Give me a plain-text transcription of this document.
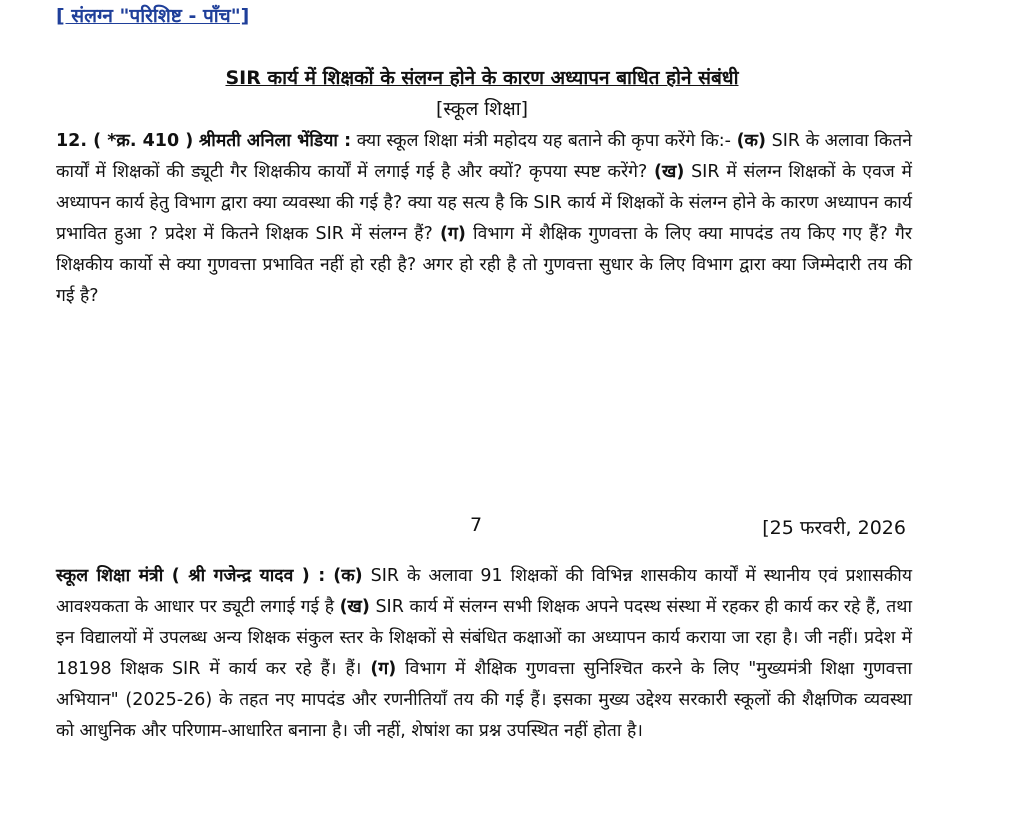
[ संलग्न "परिशिष्ट - पाँच"]
SIR कार्य में शिक्षकों के संलग्न होने के कारण अध्यापन बाधित होने संबंधी
[स्कूल शिक्षा]
12. ( *क्र. 410 ) श्रीमती अनिला भेंडिया : क्या स्कूल शिक्षा मंत्री महोदय यह बताने की कृपा करेंगे कि:- (क) SIR के अलावा कितने कार्यों में शिक्षकों की ड्यूटी गैर शिक्षकीय कार्यों में लगाई गई है और क्यों? कृपया स्पष्ट करेंगे? (ख) SIR में संलग्न शिक्षकों के एवज में अध्यापन कार्य हेतु विभाग द्वारा क्या व्यवस्था की गई है? क्या यह सत्य है कि SIR कार्य में शिक्षकों के संलग्न होने के कारण अध्यापन कार्य प्रभावित हुआ ? प्रदेश में कितने शिक्षक SIR में संलग्न हैं? (ग) विभाग में शैक्षिक गुणवत्ता के लिए क्या मापदंड तय किए गए हैं? गैर शिक्षकीय कार्यो से क्या गुणवत्ता प्रभावित नहीं हो रही है? अगर हो रही है तो गुणवत्ता सुधार के लिए विभाग द्वारा क्या जिम्मेदारी तय की गई है?
7	[25 फरवरी, 2026
स्कूल शिक्षा मंत्री ( श्री गजेन्द्र यादव ) : (क) SIR के अलावा 91 शिक्षकों की विभिन्न शासकीय कार्यों में स्थानीय एवं प्रशासकीय आवश्यकता के आधार पर ड्यूटी लगाई गई है (ख) SIR कार्य में संलग्न सभी शिक्षक अपने पदस्थ संस्था में रहकर ही कार्य कर रहे हैं, तथा इन विद्यालयों में उपलब्ध अन्य शिक्षक संकुल स्तर के शिक्षकों से संबंधित कक्षाओं का अध्यापन कार्य कराया जा रहा है। जी नहीं। प्रदेश में 18198 शिक्षक SIR में कार्य कर रहे हैं। हैं। (ग) विभाग में शैक्षिक गुणवत्ता सुनिश्चित करने के लिए "मुख्यमंत्री शिक्षा गुणवत्ता अभियान" (2025-26) के तहत नए मापदंड और रणनीतियाँ तय की गई हैं। इसका मुख्य उद्देश्य सरकारी स्कूलों की शैक्षणिक व्यवस्था को आधुनिक और परिणाम-आधारित बनाना है। जी नहीं, शेषांश का प्रश्न उपस्थित नहीं होता है।
